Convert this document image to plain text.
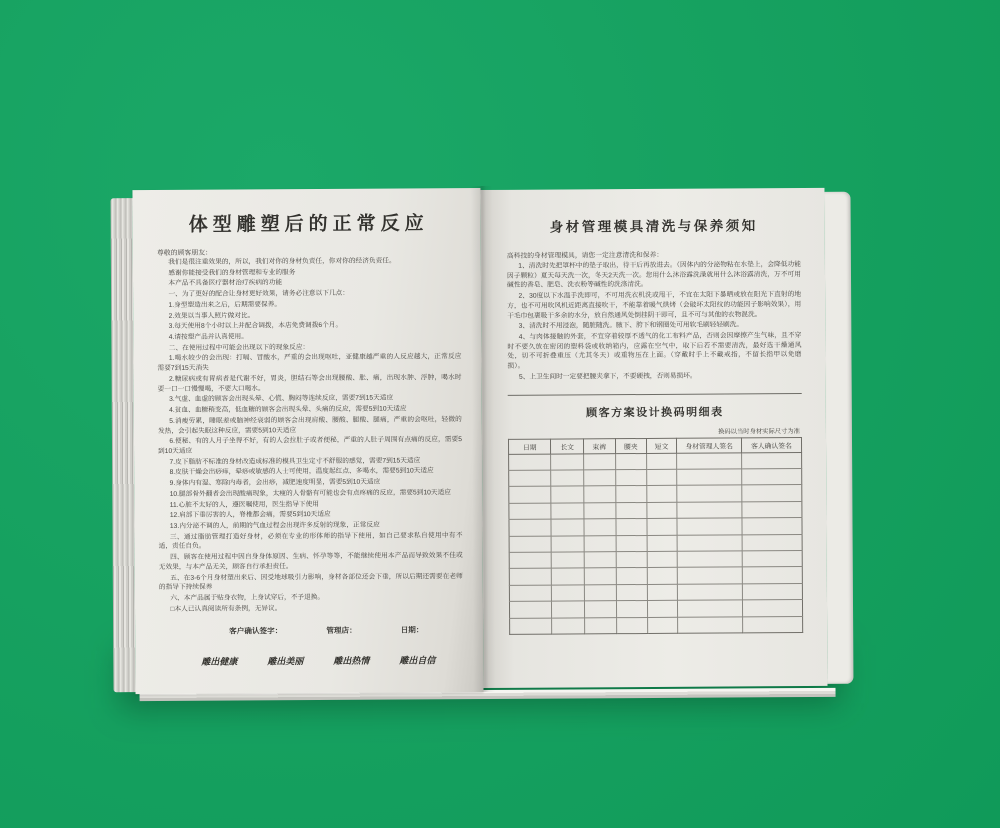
体型雕塑后的正常反应

尊敬的顾客朋友：

我们是很注重效果的，所以，我们对你的身材负责任，你对你的经济负责任。

感谢你能接受我们的身材管理和专业的服务

本产品不具备医疗器材治疗疾病的功能

一、为了更好的配合让身材更好效果，请务必注意以下几点：

1.身型塑造出来之后，后期需要保养。

2.效果以当事人照片做对比。

3.每天使用8个小时以上并配合调拨，本店免费调拨6个月。

4.请按塑产品并认真使用。

二、在使用过程中可能会出现以下的现象反应：

1.喝水较少的会出现：打嗝、冒酸水，严重的会出现呕吐，亚健康越严重的人反应越大，正常反应需要7到15天消失

2.糖尿病或有胃病者是代谢不好，胃炎，胆结石等会出现腰酸、胀、痛，出现水肿、浮肿，喝水时要一口一口慢慢喝，不要大口喝水。

3.气虚、血虚的顾客会出现头晕、心慌、胸闷等连续反应，需要7到15天适应

4.贫血、血糖稍变高，低血糖的顾客会出现头晕、头痛的反应，需要5到10天适应

5.消瘦劳累，睡眠差或脑神经衰弱的顾客会出现肩酸、腰酸、腿酸、腿痛，严重的会呕吐，轻微的发热，会引起失眠这种反应，需要5到10天适应

6.便秘、有的人月子坐得不好，有的人会拉肚子或者便秘，严重的人肚子周围有点痛的反应，需要5到10天适应

7.皮下脂肪不标准的身材改造成标准的模具卫生定寸不舒服的感觉，需要7到15天适应

8.皮肤干燥会出痧痒，晕痧或敏感的人士可使用，温度起红点、多喝水，需要5到10天适应

9.身体内有湿、寒除内毒者，会出痧，减肥速度明显，需要5到10天适应

10.腿部骨外翻者会出现酸痛现象，太瘦的人骨骼有可能也会有点疼痛的反应，需要5到10天适应

11.心脏不太好的人，遵医嘱使用，医生指导下使用

12.肩部下垂厉害的人，脊椎都会痛，需要5到10天适应

13.内分泌不调的人，前期的气血过程会出现许多反射的现象，正常反应

三、通过脂肪管理打造好身材，必须在专业的形体师的指导下使用，如自己要求私自使用中有不适，责任自负。

四、顾客在使用过程中因自身身体原因、生病、怀孕等等，不能继续使用本产品而导致效果不佳或无效果，与本产品无关，顾客自行承担责任。

五、在3-6个月身材塑出来后、因受地球吸引力影响，身材各部位还会下垂，所以后期还需要在老师的指导下持续保养

六、本产品属于贴身衣物，上身试穿后，不予退换。

□本人已认真阅读所有条例，无异议。

客户确认签字：	管理店：	日期：
雕出健康	雕出美丽	雕出热情	雕出自信
身材管理模具清洗与保养须知

高科技的身材管理模具，请您一定注意清洗和保养：

1、清洗时先把罩杯中的垫子取出，待干后再放进去。（因体内的分泌物粘在水垫上，会降低功能因子颗粒）夏天每天洗一次，冬天2天洗一次。您用什么沐浴露洗澡就用什么沐浴露清洗，万不可用碱性的香皂、肥皂、洗衣粉等碱性的洗涤清洗。

2、30度以下水温手洗即可，不可用洗衣机洗或甩干，不宜在太阳下暴晒或放在阳光下直射的地方，也不可用吹风机近距离直接吹干，不能靠着暖气烘烤（会破坏太阳纹的功能因子影响效果），用干毛巾包裹吸干多余的水分，放自然通风处倒挂阴干即可，且不可与其他的衣物混洗。

3、清洗时不用浸泡，随脏随洗。腋下、胯下和钢圈处可用软毛刷轻轻刷洗。

4、与肉体接触的外套，不宜穿着较厚不透气的化工布料产品，否则会因摩擦产生气味，且不穿时不要久放在密闭的塑料袋或收纳箱内，应露在空气中，取下后若不需要清洗，最好选干燥通风处，切不可折叠重压（尤其冬天）或重物压在上面。（穿戴时手上不戴戒指，不留长指甲以免磨损）。

5、上卫生间时一定要把腰夹拿下，不要硬拽，否则易损坏。

顾客方案设计换码明细表
换码以当时身材实际尺寸为准
日期	长文	束裤	腰夹	短文	身材管理人签名	客人确认签名
